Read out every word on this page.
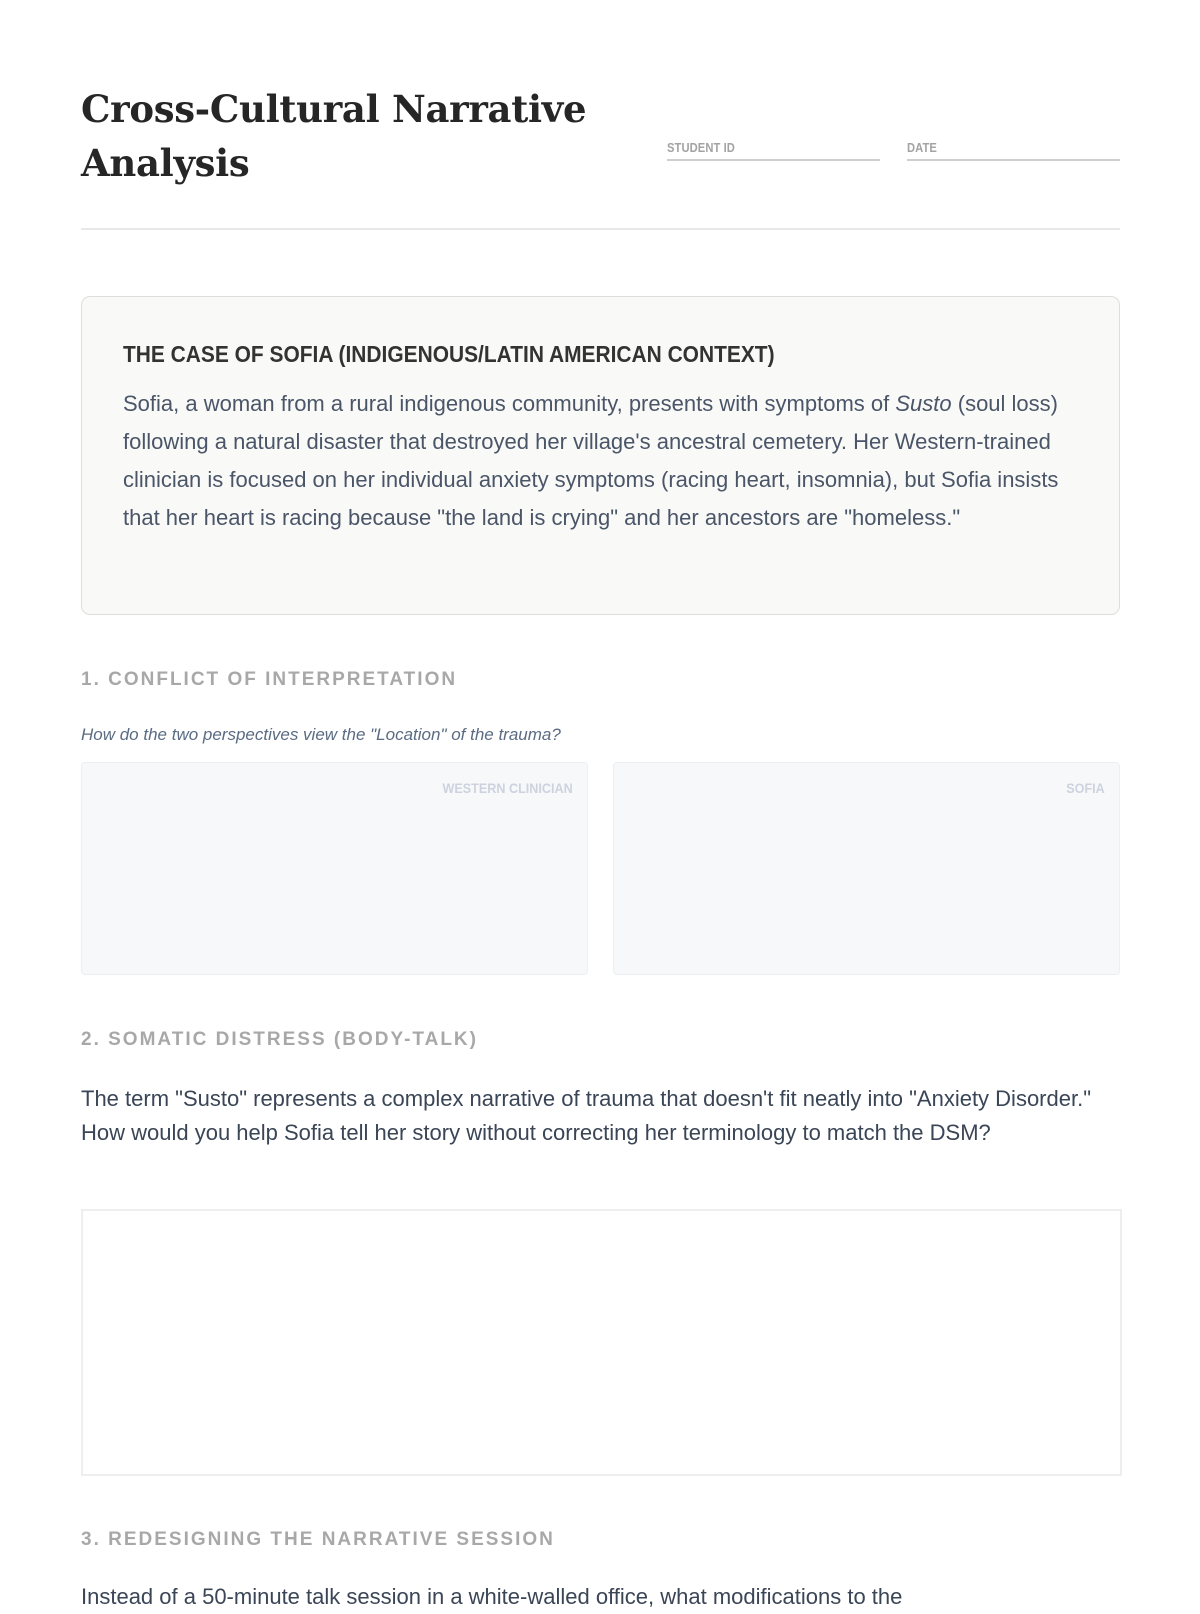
Cross-Cultural Narrative Analysis	STUDENT ID	DATE
THE CASE OF SOFIA (INDIGENOUS/LATIN AMERICAN CONTEXT)

Sofia, a woman from a rural indigenous community, presents with symptoms of Susto (soul loss) following a natural disaster that destroyed her village's ancestral cemetery. Her Western-trained clinician is focused on her individual anxiety symptoms (racing heart, insomnia), but Sofia insists that her heart is racing because "the land is crying" and her ancestors are "homeless."

1. CONFLICT OF INTERPRETATION

How do the two perspectives view the "Location" of the trauma?

WESTERN CLINICIAN	SOFIA
2. SOMATIC DISTRESS (BODY-TALK)

The term "Susto" represents a complex narrative of trauma that doesn't fit neatly into "Anxiety Disorder." How would you help Sofia tell her story without correcting her terminology to match the DSM?

3. REDESIGNING THE NARRATIVE SESSION

Instead of a 50-minute talk session in a white-walled office, what modifications to the
